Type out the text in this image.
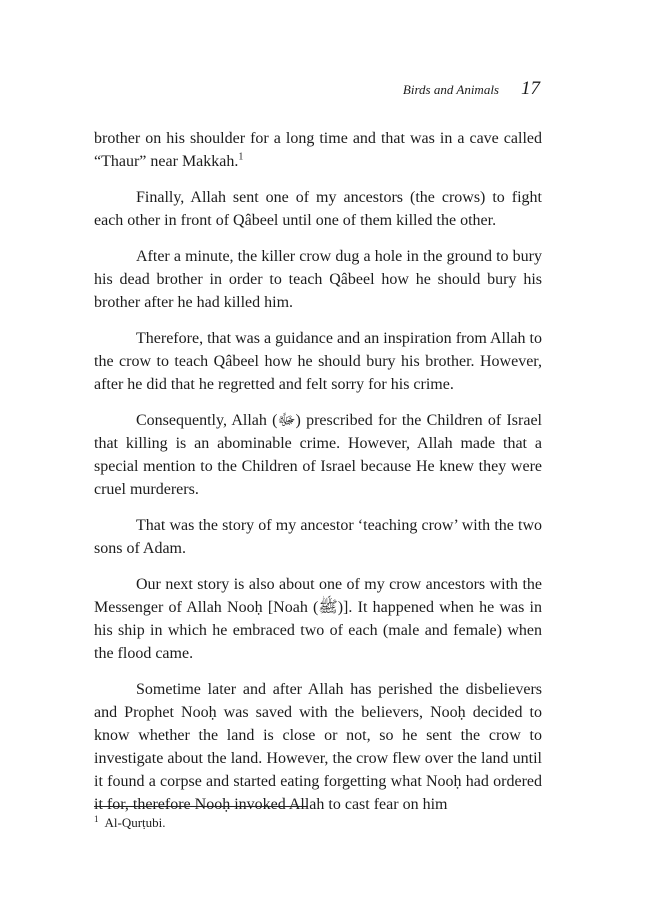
Birds and Animals 17

brother on his shoulder for a long time and that was in a cave called “Thaur” near Makkah.$^1$

Finally, Allah sent one of my ancestors (the crows) to fight each other in front of Qâbeel until one of them killed the other.

After a minute, the killer crow dug a hole in the ground to bury his dead brother in order to teach Qâbeel how he should bury his brother after he had killed him.

Therefore, that was a guidance and an inspiration from Allah to the crow to teach Qâbeel how he should bury his brother. However, after he did that he regretted and felt sorry for his crime.

Consequently, Allah (ﷻ) prescribed for the Children of Israel that killing is an abominable crime. However, Allah made that a special mention to the Children of Israel because He knew they were cruel murderers.

That was the story of my ancestor ‘teaching crow’ with the two sons of Adam.

Our next story is also about one of my crow ancestors with the Messenger of Allah Nooḥ [Noah (ﷺ)]. It happened when he was in his ship in which he embraced two of each (male and female) when the flood came.

Sometime later and after Allah has perished the disbelievers and Prophet Nooḥ was saved with the believers, Nooḥ decided to know whether the land is close or not, so he sent the crow to investigate about the land. However, the crow flew over the land until it found a corpse and started eating forgetting what Nooḥ had ordered it for, therefore Nooḥ invoked Allah to cast fear on him

$^1$ Al-Qurṭubi.
